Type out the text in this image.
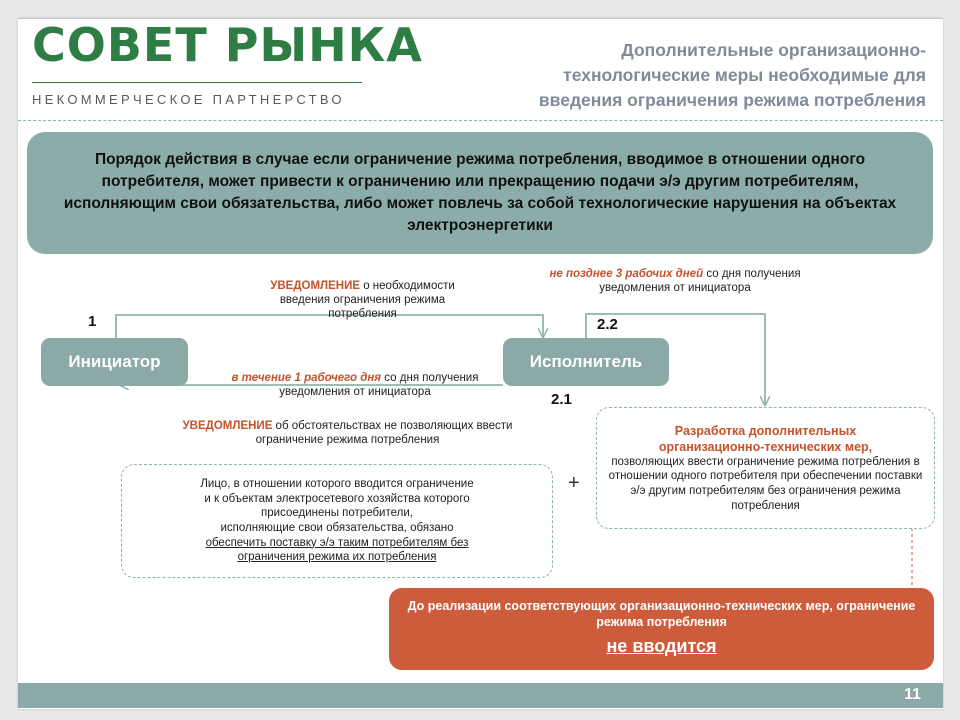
СОВЕТ РЫНКА
НЕКОММЕРЧЕСКОЕ ПАРТНЕРСТВО
Дополнительные организационно-
технологические меры необходимые для
введения ограничения режима потребления
Порядок действия в случае если ограничение режима потребления, вводимое в отношении одного потребителя, может привести к ограничению или прекращению подачи э/э другим потребителям, исполняющим свои обязательства, либо может повлечь за собой технологические нарушения на объектах электроэнергетики
Инициатор	Исполнитель
1	2.2
2.1
УВЕДОМЛЕНИЕ о необходимости введения ограничения режима потребления
не позднее 3 рабочих дней со дня получения уведомления от инициатора
в течение 1 рабочего дня со дня получения уведомления от инициатора
УВЕДОМЛЕНИЕ об обстоятельствах не позволяющих ввести ограничение режима потребления
Лицо, в отношении которого вводится ограничение
и к объектам электросетевого хозяйства которого
присоединены потребители,
исполняющие свои обязательства, обязано
обеспечить поставку э/э таким потребителям без
ограничения режима их потребления
+
Разработка дополнительных
организационно-технических мер,
позволяющих ввести ограничение режима потребления в отношении одного потребителя при обеспечении поставки э/э другим потребителям без ограничения режима потребления
До реализации соответствующих организационно-технических мер, ограничение режима потребления
не вводится
11
